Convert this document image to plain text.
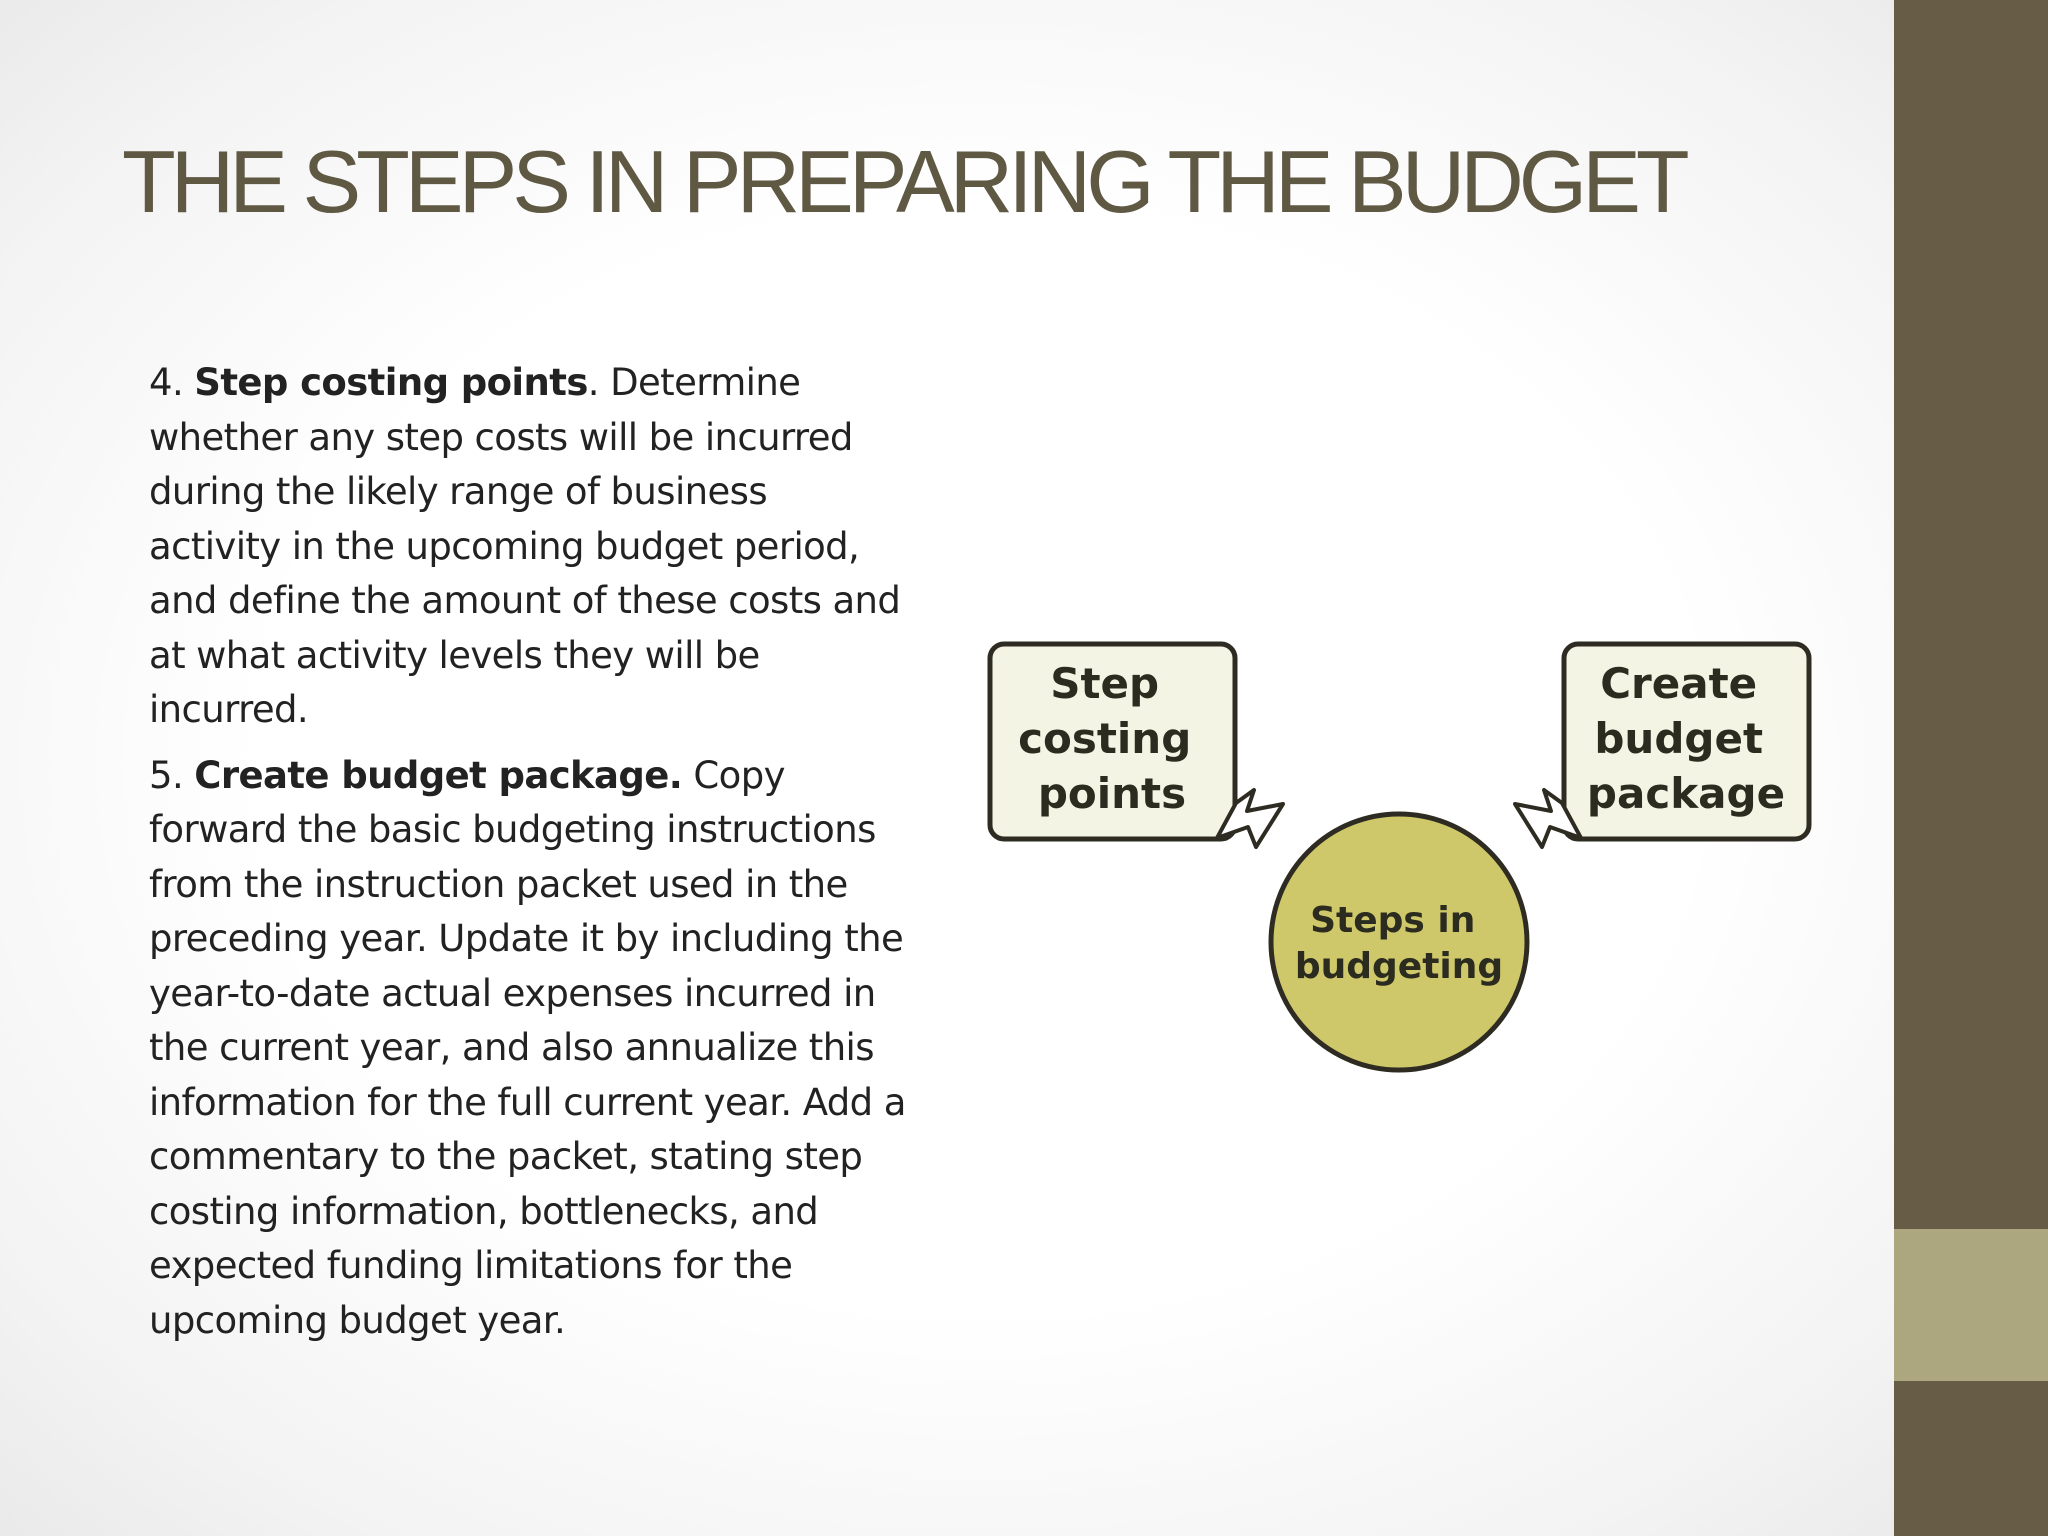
THE STEPS IN PREPARING THE BUDGET

4. Step costing points. Determine whether any step costs will be incurred during the likely range of business activity in the upcoming budget period, and define the amount of these costs and at what activity levels they will be incurred.

5. Create budget package. Copy forward the basic budgeting instructions from the instruction packet used in the preceding year. Update it by including the year-to-date actual expenses incurred in the current year, and also annualize this information for the full current year. Add a commentary to the packet, stating step costing information, bottlenecks, and expected funding limitations for the upcoming budget year.

Step costing points
Create budget package
Steps in budgeting
